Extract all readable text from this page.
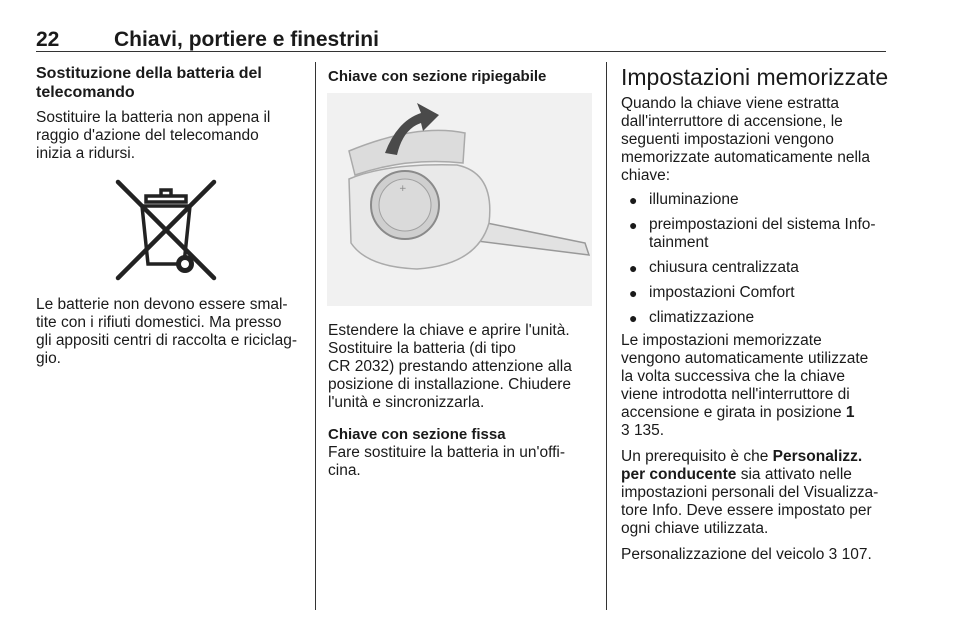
22	Chiavi, portiere e finestrini

Sostituzione della batteria del
telecomando

Sostituire la batteria non appena il
raggio d'azione del telecomando
inizia a ridursi.

Le batterie non devono essere smal-
tite con i rifiuti domestici. Ma presso
gli appositi centri di raccolta e riciclag-
gio.

Chiave con sezione ripiegabile

+

Estendere la chiave e aprire l'unità.
Sostituire la batteria (di tipo
CR 2032) prestando attenzione alla
posizione di installazione. Chiudere
l'unità e sincronizzarla.

Chiave con sezione fissa

Fare sostituire la batteria in un'offi-
cina.

Impostazioni memorizzate

Quando la chiave viene estratta
dall'interruttore di accensione, le
seguenti impostazioni vengono
memorizzate automaticamente nella
chiave:

● illuminazione
● preimpostazioni del sistema Info-
tainment
● chiusura centralizzata
● impostazioni Comfort
● climatizzazione

Le impostazioni memorizzate
vengono automaticamente utilizzate
la volta successiva che la chiave
viene introdotta nell'interruttore di
accensione e girata in posizione 1
3 135.

Un prerequisito è che Personalizz.
per conducente sia attivato nelle
impostazioni personali del Visualizza-
tore Info. Deve essere impostato per
ogni chiave utilizzata.

Personalizzazione del veicolo 3 107.
